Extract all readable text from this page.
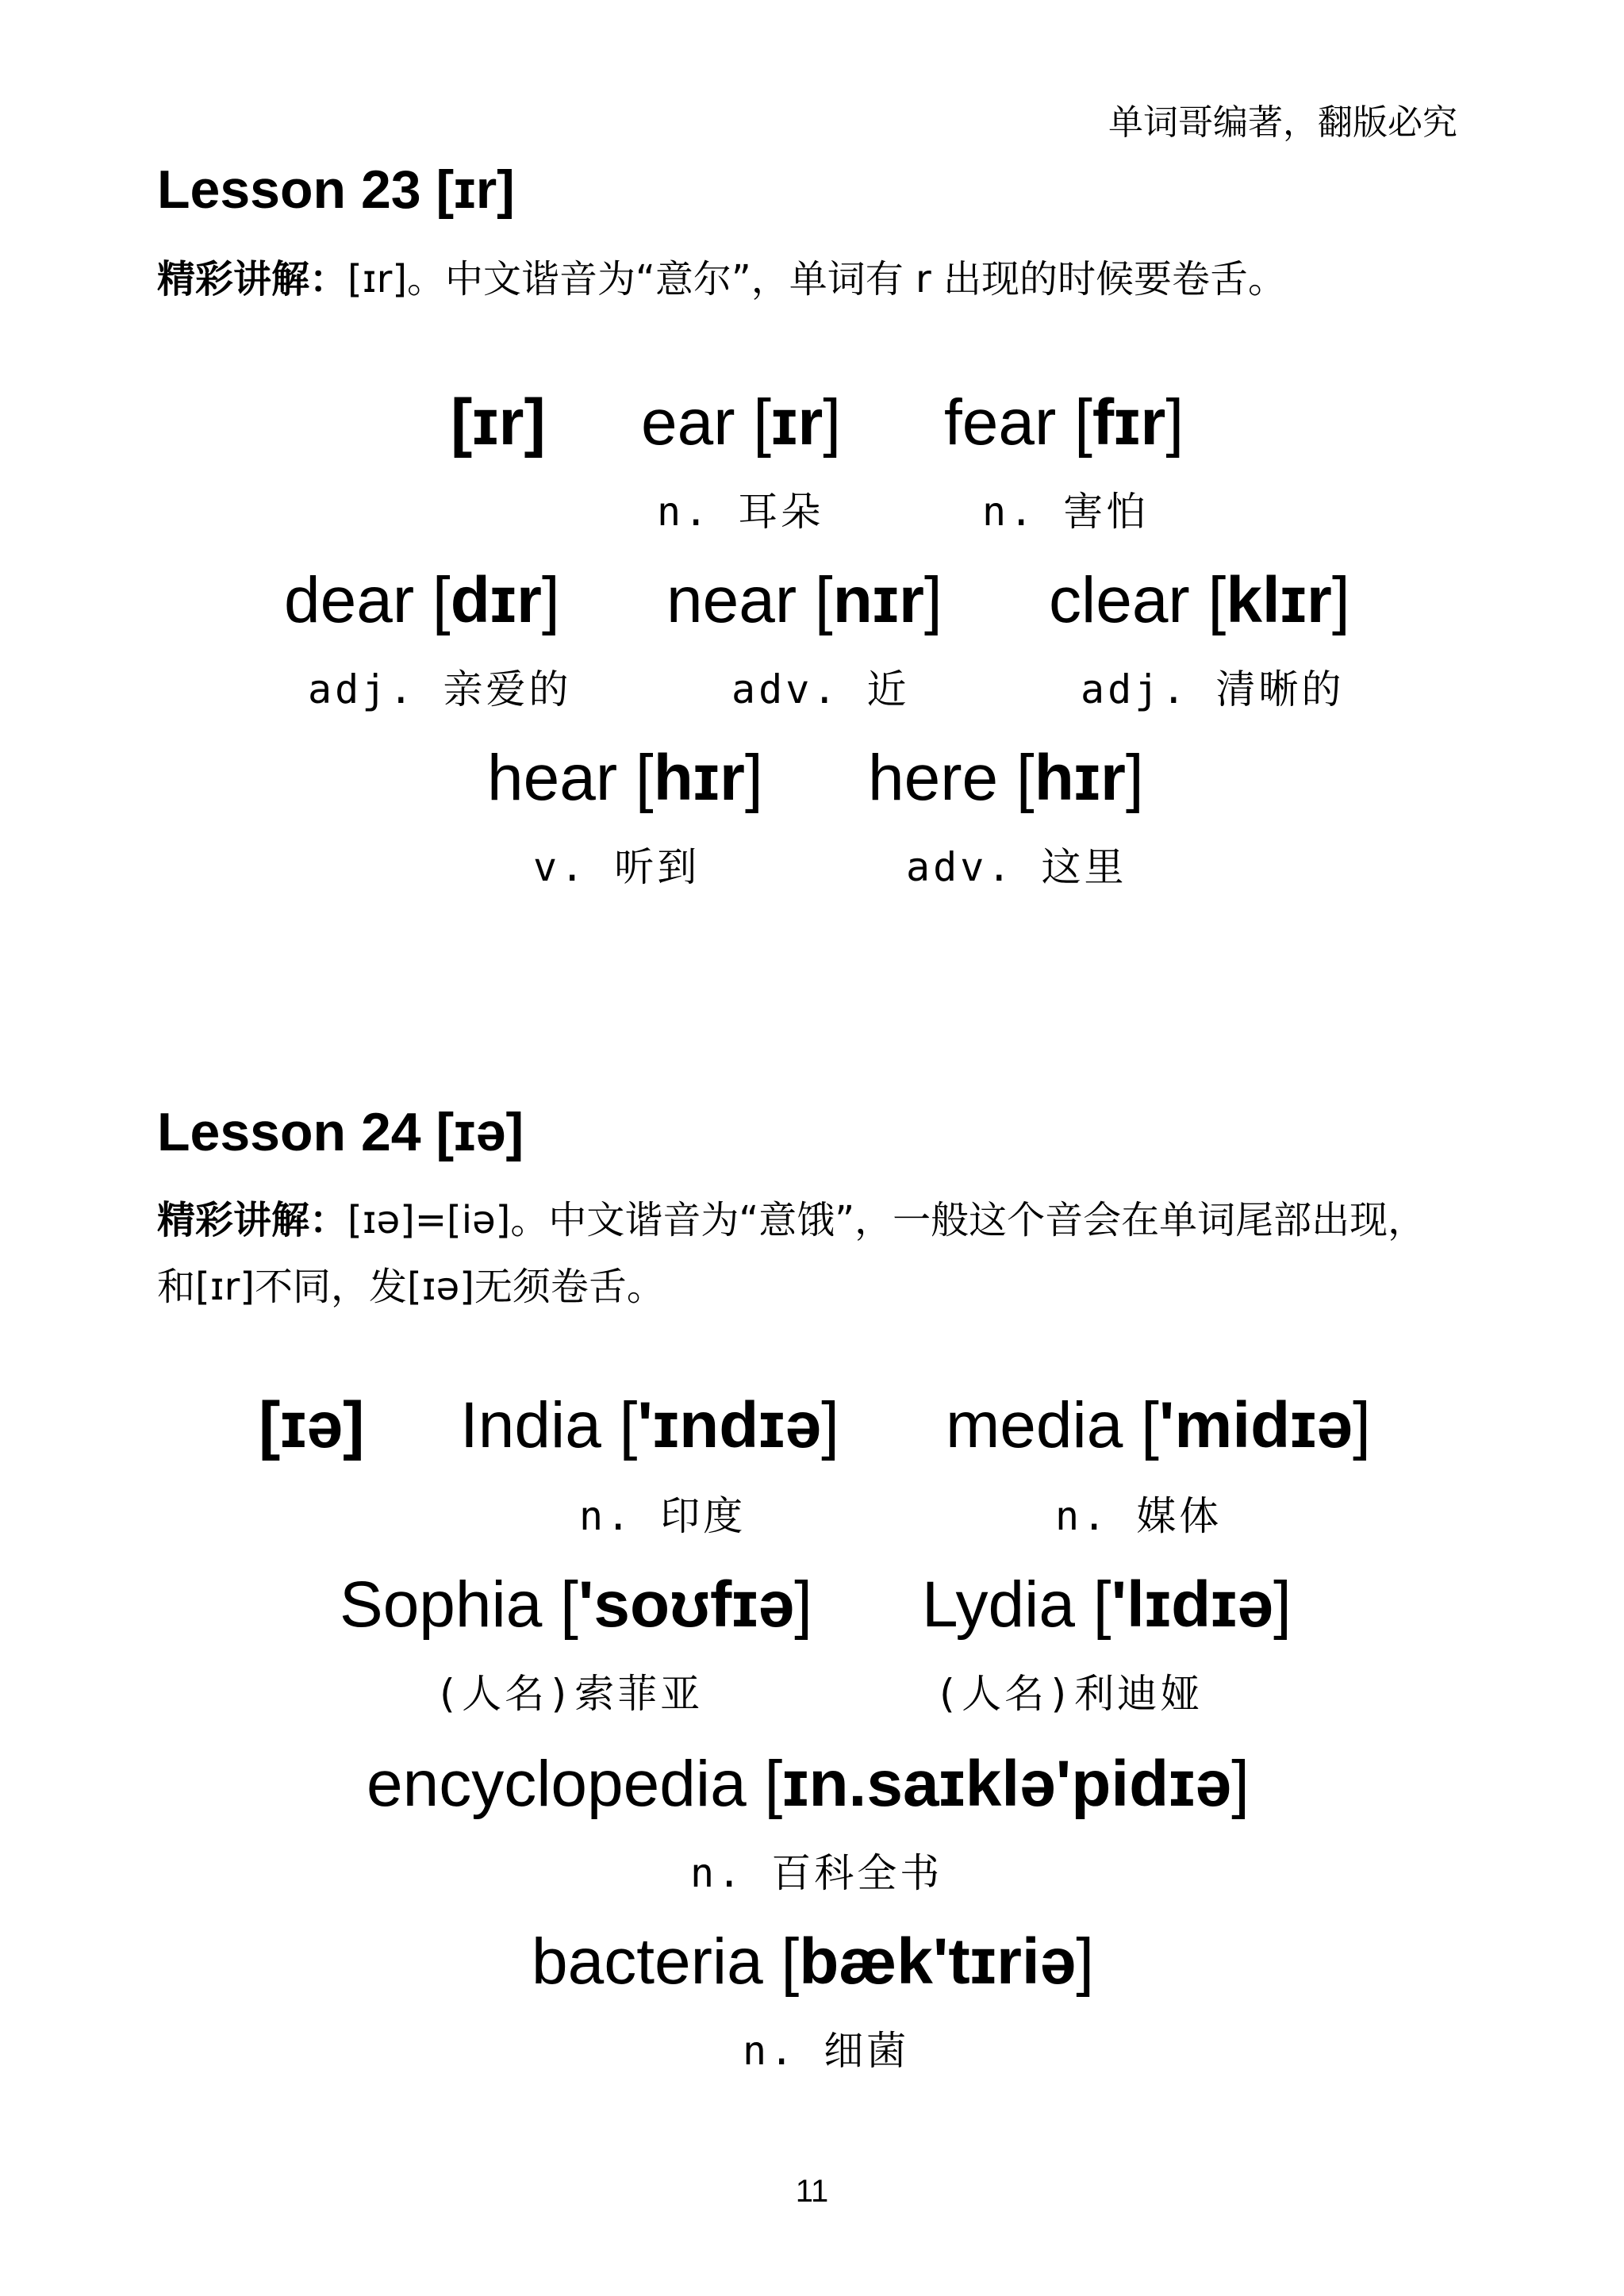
单词哥编著，翻版必究
Lesson 23 [ɪr]
精彩讲解：[ɪr]。中文谐音为“意尔”，单词有 r 出现的时候要卷舌。
[ɪr] ear [ɪr] fear [fɪr]
n. 耳朵	n. 害怕
dear [dɪr] near [nɪr] clear [klɪr]
adj. 亲爱的	adv. 近	adj. 清晰的
hear [hɪr] here [hɪr]
v. 听到	adv. 这里
Lesson 24 [ɪə]
精彩讲解：[ɪə]=[iə]。中文谐音为“意饿”，一般这个音会在单词尾部出现，
和[ɪr]不同，发[ɪə]无须卷舌。
[ɪə] India ['ɪndɪə] media ['midɪə]
n. 印度	n. 媒体
Sophia ['soʊfɪə] Lydia ['lɪdɪə]
(人名)索菲亚	(人名)利迪娅
encyclopedia [ɪn.saɪklə'pidɪə]
n. 百科全书
bacteria [bæk'tɪriə]
n. 细菌
11
